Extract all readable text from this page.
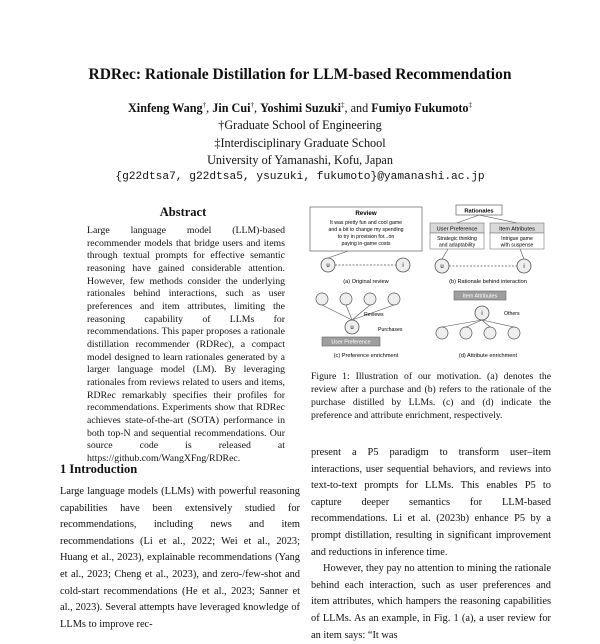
RDRec: Rationale Distillation for LLM-based Recommendation
Xinfeng Wang†, Jin Cui†, Yoshimi Suzuki‡, and Fumiyo Fukumoto‡
†Graduate School of Engineering
‡Interdisciplinary Graduate School
University of Yamanashi, Kofu, Japan
{g22dtsa7, g22dtsa5, ysuzuki, fukumoto}@yamanashi.ac.jp
Abstract
Large language model (LLM)-based recommender models that bridge users and items through textual prompts for effective semantic reasoning have gained considerable attention. However, few methods consider the underlying rationales behind interactions, such as user preferences and item attributes, limiting the reasoning capability of LLMs for recommendations. This paper proposes a rationale distillation recommender (RDRec), a compact model designed to learn rationales generated by a larger language model (LM). By leveraging rationales from reviews related to users and items, RDRec remarkably specifies their profiles for recommendations. Experiments show that RDRec achieves state-of-the-art (SOTA) performance in both top-N and sequential recommendations. Our source code is released at https://github.com/WangXFng/RDRec.
1 Introduction
Large language models (LLMs) with powerful reasoning capabilities have been extensively studied for recommendations, including news and item recommendations (Li et al., 2022; Wei et al., 2023; Huang et al., 2023), explainable recommendations (Yang et al., 2023; Cheng et al., 2023), and zero-/few-shot and cold-start recommendations (He et al., 2023; Sanner et al., 2023). Several attempts have leveraged knowledge of LLMs to improve rec-
Review
It was pretty fun and cool game
and a bit to change my spending
to try in provision for...on
paying in-game costs
u	i
(a) Original review
Rationales
User Preference
Strategic thinking
and adaptability
Item Attributes
Intrigue game
with suspense
u	i
(b) Rationale behind interaction
u
Reviews
Purchases
User Preference
(c) Preference enrichment
Item Attributes
i	Others
(d) Attribute enrichment
Figure 1: Illustration of our motivation. (a) denotes the review after a purchase and (b) refers to the rationale of the purchase distilled by LLMs. (c) and (d) indicate the preference and attribute enrichment, respectively.

present a P5 paradigm to transform user–item interactions, user sequential behaviors, and reviews into text-to-text prompts for LLMs. This enables P5 to capture deeper semantics for LLM-based recommendations. Li et al. (2023b) enhance P5 by a prompt distillation, resulting in significant improvement and reductions in inference time.

However, they pay no attention to mining the rationale behind each interaction, such as user preferences and item attributes, which hampers the reasoning capabilities of LLMs. As an example, in Fig. 1 (a), a user review for an item says: “It was
